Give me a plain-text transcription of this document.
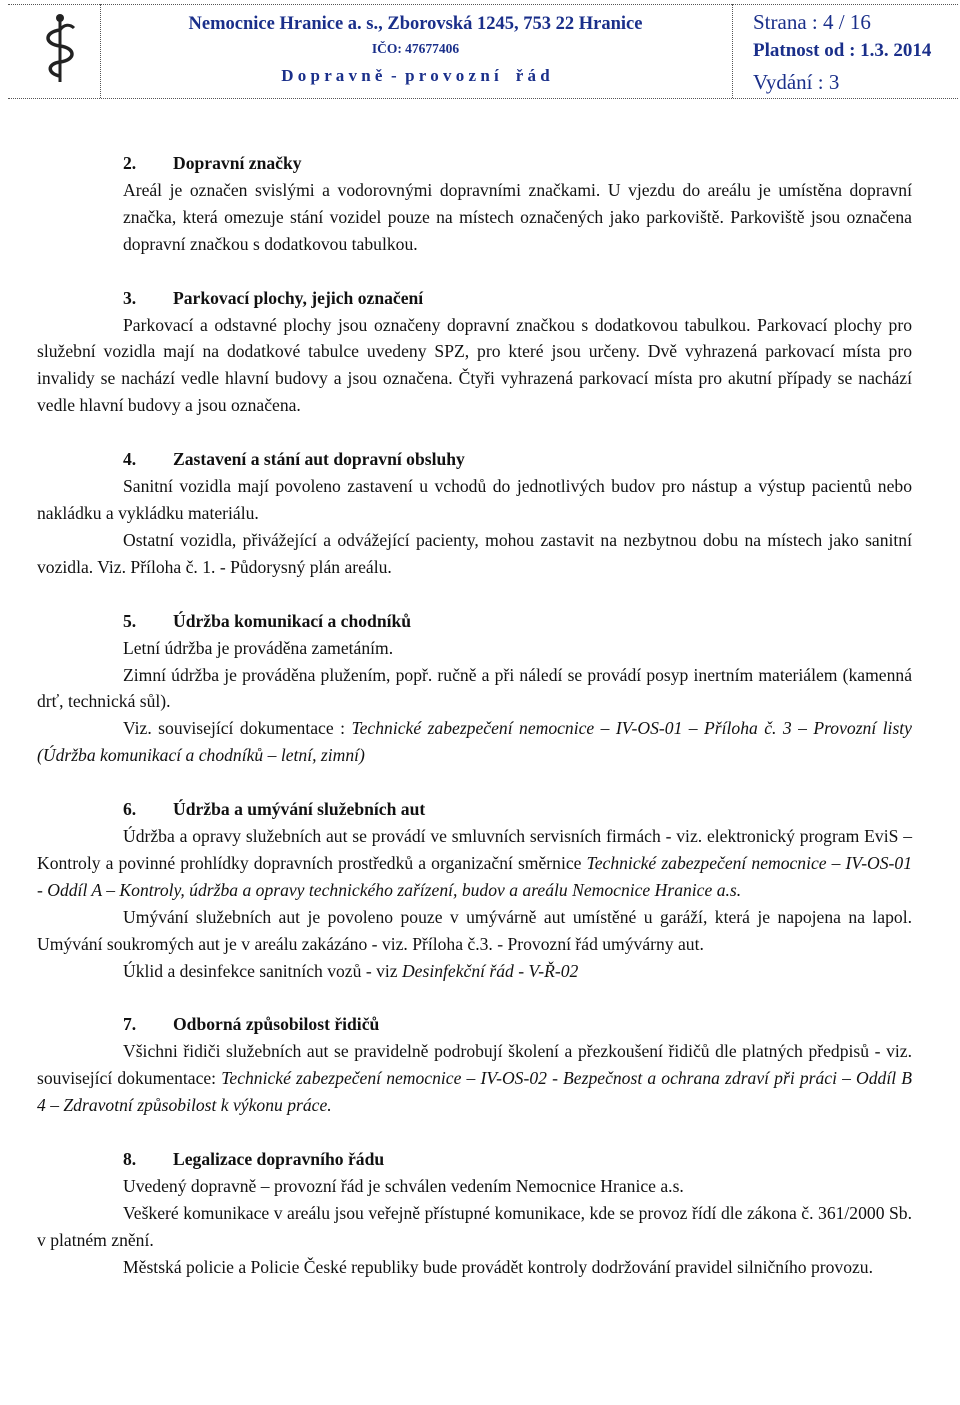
Nemocnice Hranice a. s., Zborovská 1245, 753 22 Hranice
IČO: 47677406
D o p r a v n ě  -  p r o v o z n í    ř á d
Strana : 4 / 16
Platnost od : 1.3. 2014
Vydání : 3
2.	Dopravní značky

Areál je označen svislými a vodorovnými dopravními značkami. U vjezdu do areálu je umístěna dopravní značka, která omezuje stání vozidel pouze na místech označených jako parkoviště. Parkoviště jsou označena dopravní značkou s dodatkovou tabulkou.

3.	Parkovací plochy, jejich označení

Parkovací a odstavné plochy jsou označeny dopravní značkou s dodatkovou tabulkou. Parkovací plochy pro služební vozidla mají na dodatkové tabulce uvedeny SPZ, pro které jsou určeny. Dvě vyhrazená parkovací místa pro invalidy se nachází vedle hlavní budovy a jsou označena. Čtyři vyhrazená parkovací místa pro akutní případy se nachází vedle hlavní budovy a jsou označena.

4.	Zastavení a stání aut dopravní obsluhy

Sanitní vozidla mají povoleno zastavení u vchodů do jednotlivých budov pro nástup a výstup pacientů nebo nakládku a vykládku materiálu.

Ostatní vozidla, přivážející a odvážející pacienty, mohou zastavit na nezbytnou dobu na místech jako sanitní vozidla. Viz. Příloha č. 1. - Půdorysný plán areálu.

5.	Údržba komunikací a chodníků

Letní údržba je prováděna zametáním.

Zimní údržba je prováděna plužením, popř. ručně a při náledí se provádí posyp inertním materiálem (kamenná drť, technická sůl).

Viz. související dokumentace : Technické zabezpečení nemocnice – IV-OS-01 – Příloha č. 3 – Provozní listy (Údržba komunikací a chodníků – letní, zimní)

6.	Údržba a umývání služebních aut

Údržba a opravy služebních aut se provádí ve smluvních servisních firmách - viz. elektronický program EviS – Kontroly a povinné prohlídky dopravních prostředků a organizační směrnice Technické zabezpečení nemocnice – IV-OS-01 - Oddíl A – Kontroly, údržba a opravy technického zařízení, budov a areálu Nemocnice Hranice a.s.

Umývání služebních aut je povoleno pouze v umývárně aut umístěné u garáží, která je napojena na lapol. Umývání soukromých aut je v areálu zakázáno - viz. Příloha č.3. - Provozní řád umývárny aut.

Úklid a desinfekce sanitních vozů - viz Desinfekční řád - V-Ř-02

7.	Odborná způsobilost řidičů

Všichni řidiči služebních aut se pravidelně podrobují školení a přezkoušení řidičů dle platných předpisů - viz. související dokumentace: Technické zabezpečení nemocnice – IV-OS-02 - Bezpečnost a ochrana zdraví při práci – Oddíl B 4 – Zdravotní způsobilost k výkonu práce.

8.	Legalizace dopravního řádu

Uvedený dopravně – provozní řád je schválen vedením Nemocnice Hranice a.s.

Veškeré komunikace v areálu jsou veřejně přístupné komunikace, kde se provoz řídí dle zákona č. 361/2000 Sb. v platném znění.

Městská policie a Policie České republiky bude provádět kontroly dodržování pravidel silničního provozu.
